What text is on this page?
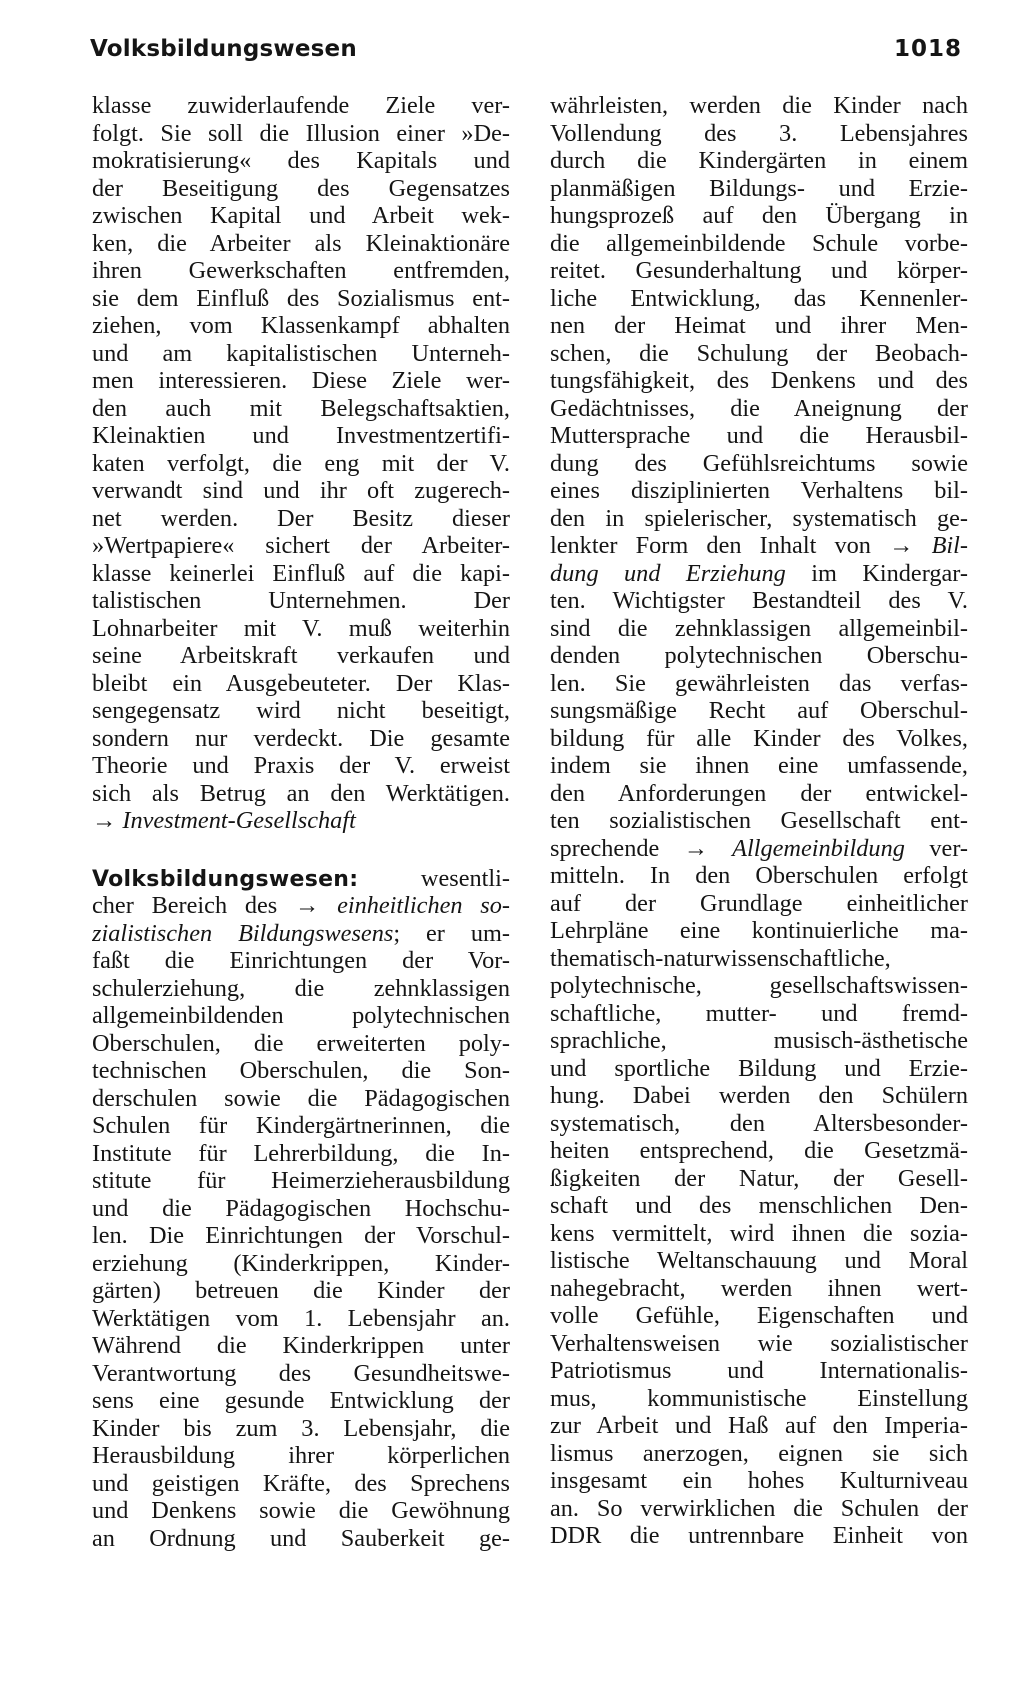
Volksbildungswesen	1018
klasse zuwiderlaufende Ziele ver-
folgt. Sie soll die Illusion einer »De-
mokratisierung« des Kapitals und
der Beseitigung des Gegensatzes
zwischen Kapital und Arbeit wek-
ken, die Arbeiter als Kleinaktionäre
ihren Gewerkschaften entfremden,
sie dem Einfluß des Sozialismus ent-
ziehen, vom Klassenkampf abhalten
und am kapitalistischen Unterneh-
men interessieren. Diese Ziele wer-
den auch mit Belegschaftsaktien,
Kleinaktien und Investmentzertifi-
katen verfolgt, die eng mit der V.
verwandt sind und ihr oft zugerech-
net werden. Der Besitz dieser
»Wertpapiere« sichert der Arbeiter-
klasse keinerlei Einfluß auf die kapi-
talistischen Unternehmen. Der
Lohnarbeiter mit V. muß weiterhin
seine Arbeitskraft verkaufen und
bleibt ein Ausgebeuteter. Der Klas-
sengegensatz wird nicht beseitigt,
sondern nur verdeckt. Die gesamte
Theorie und Praxis der V. erweist
sich als Betrug an den Werktätigen.
→ Investment-Gesellschaft
Volksbildungswesen: wesentli-
cher Bereich des → einheitlichen so-
zialistischen Bildungswesens; er um-
faßt die Einrichtungen der Vor-
schulerziehung, die zehnklassigen
allgemeinbildenden polytechnischen
Oberschulen, die erweiterten poly-
technischen Oberschulen, die Son-
derschulen sowie die Pädagogischen
Schulen für Kindergärtnerinnen, die
Institute für Lehrerbildung, die In-
stitute für Heimerzieherausbildung
und die Pädagogischen Hochschu-
len. Die Einrichtungen der Vorschul-
erziehung (Kinderkrippen, Kinder-
gärten) betreuen die Kinder der
Werktätigen vom 1. Lebensjahr an.
Während die Kinderkrippen unter
Verantwortung des Gesundheitswe-
sens eine gesunde Entwicklung der
Kinder bis zum 3. Lebensjahr, die
Herausbildung ihrer körperlichen
und geistigen Kräfte, des Sprechens
und Denkens sowie die Gewöhnung
an Ordnung und Sauberkeit ge-
währleisten, werden die Kinder nach
Vollendung des 3. Lebensjahres
durch die Kindergärten in einem
planmäßigen Bildungs- und Erzie-
hungsprozeß auf den Übergang in
die allgemeinbildende Schule vorbe-
reitet. Gesunderhaltung und körper-
liche Entwicklung, das Kennenler-
nen der Heimat und ihrer Men-
schen, die Schulung der Beobach-
tungsfähigkeit, des Denkens und des
Gedächtnisses, die Aneignung der
Muttersprache und die Herausbil-
dung des Gefühlsreichtums sowie
eines disziplinierten Verhaltens bil-
den in spielerischer, systematisch ge-
lenkter Form den Inhalt von → Bil-
dung und Erziehung im Kindergar-
ten. Wichtigster Bestandteil des V.
sind die zehnklassigen allgemeinbil-
denden polytechnischen Oberschu-
len. Sie gewährleisten das verfas-
sungsmäßige Recht auf Oberschul-
bildung für alle Kinder des Volkes,
indem sie ihnen eine umfassende,
den Anforderungen der entwickel-
ten sozialistischen Gesellschaft ent-
sprechende → Allgemeinbildung ver-
mitteln. In den Oberschulen erfolgt
auf der Grundlage einheitlicher
Lehrpläne eine kontinuierliche ma-
thematisch-naturwissenschaftliche,
polytechnische, gesellschaftswissen-
schaftliche, mutter- und fremd-
sprachliche, musisch-ästhetische
und sportliche Bildung und Erzie-
hung. Dabei werden den Schülern
systematisch, den Altersbesonder-
heiten entsprechend, die Gesetzmä-
ßigkeiten der Natur, der Gesell-
schaft und des menschlichen Den-
kens vermittelt, wird ihnen die sozia-
listische Weltanschauung und Moral
nahegebracht, werden ihnen wert-
volle Gefühle, Eigenschaften und
Verhaltensweisen wie sozialistischer
Patriotismus und Internationalis-
mus, kommunistische Einstellung
zur Arbeit und Haß auf den Imperia-
lismus anerzogen, eignen sie sich
insgesamt ein hohes Kulturniveau
an. So verwirklichen die Schulen der
DDR die untrennbare Einheit von
